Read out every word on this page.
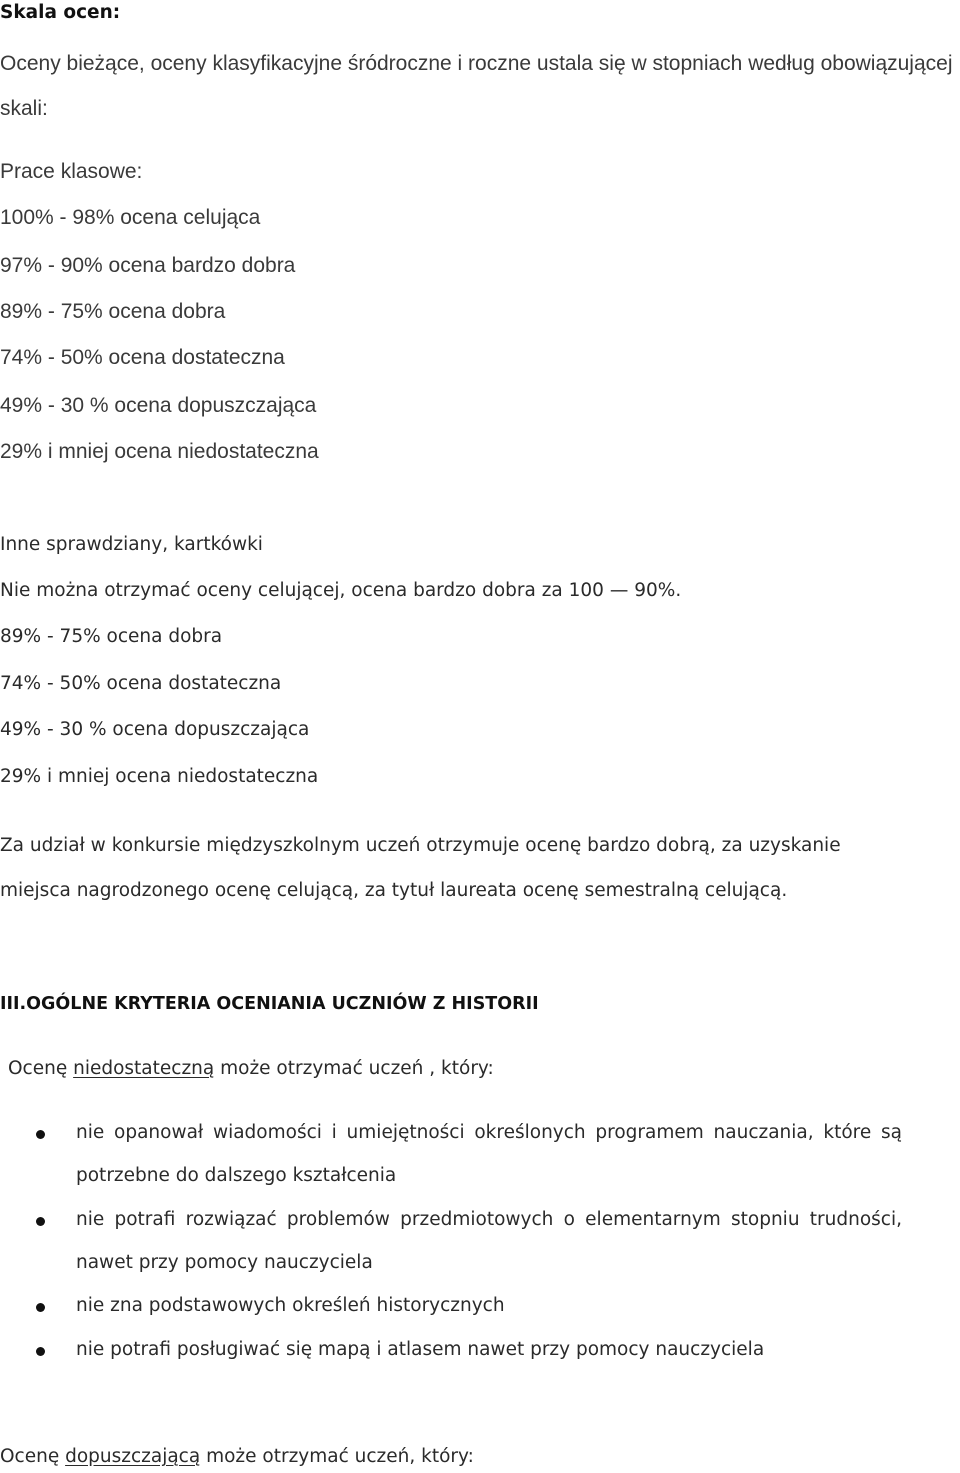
Skala ocen:
Oceny bieżące, oceny klasyfikacyjne śródroczne i roczne ustala się w stopniach według obowiązującej
skali:
Prace klasowe:
100% - 98% ocena celująca
97% - 90% ocena bardzo dobra
89% - 75% ocena dobra
74% - 50% ocena dostateczna
49% - 30 % ocena dopuszczająca
29% i mniej ocena niedostateczna
Inne sprawdziany, kartkówki
Nie można otrzymać oceny celującej, ocena bardzo dobra za 100 — 90%.
89% - 75% ocena dobra
74% - 50% ocena dostateczna
49% - 30 % ocena dopuszczająca
29% i mniej ocena niedostateczna
Za udział w konkursie międzyszkolnym uczeń otrzymuje ocenę bardzo dobrą, za uzyskanie
miejsca nagrodzonego ocenę celującą, za tytuł laureata ocenę semestralną celującą.
III.OGÓLNE KRYTERIA OCENIANIA UCZNIÓW Z HISTORII
Ocenę niedostateczną może otrzymać uczeń , który:
nie opanował wiadomości i umiejętności określonych programem nauczania, które są
potrzebne do dalszego kształcenia
nie potrafi rozwiązać problemów przedmiotowych o elementarnym stopniu trudności,
nawet przy pomocy nauczyciela
nie zna podstawowych określeń historycznych
nie potrafi posługiwać się mapą i atlasem nawet przy pomocy nauczyciela
Ocenę dopuszczającą może otrzymać uczeń, który:
